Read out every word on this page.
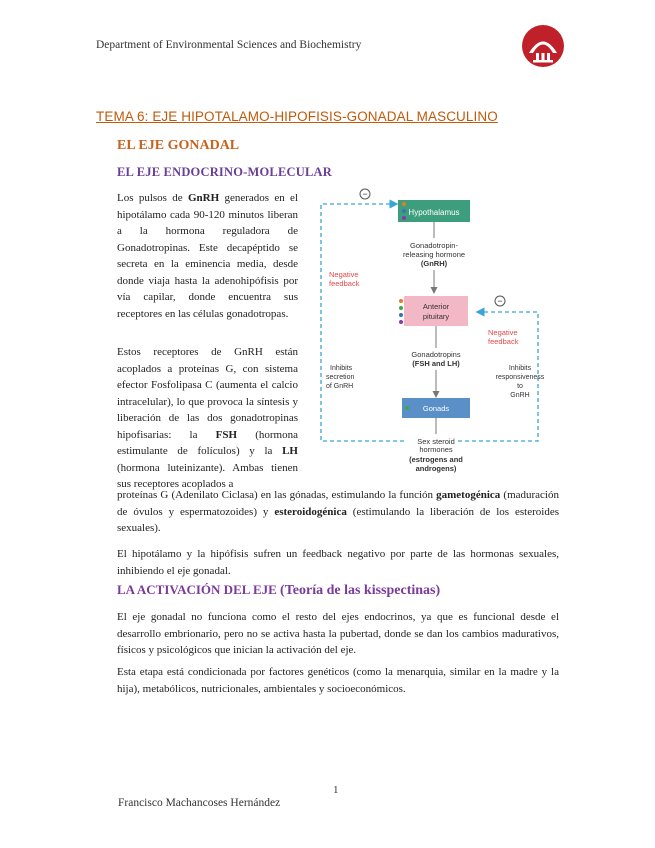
Department of Environmental Sciences and Biochemistry
TEMA 6: EJE HIPOTALAMO-HIPOFISIS-GONADAL MASCULINO
EL EJE GONADAL
EL EJE ENDOCRINO-MOLECULAR

Los pulsos de GnRH generados en el hipotálamo cada 90-120 minutos liberan a la hormona reguladora de Gonadotropinas. Este decapéptido se secreta en la eminencia media, desde donde viaja hasta la adenohipófisis por vía capilar, donde encuentra sus receptores en las células gonadotropas.

Estos receptores de GnRH están acoplados a proteínas G, con sistema efector Fosfolipasa C (aumenta el calcio intracelular), lo que provoca la síntesis y liberación de las dos gonadotropinas hipofisarias: la FSH (hormona estimulante de folículos) y la LH (hormona luteinizante). Ambas tienen sus receptores acoplados a

proteínas G (Adenilato Ciclasa) en las gónadas, estimulando la función gametogénica (maduración de óvulos y espermatozoides) y esteroidogénica (estimulando la liberación de los esteroides sexuales).

El hipotálamo y la hipófisis sufren un feedback negativo por parte de las hormonas sexuales, inhibiendo el eje gonadal.

LA ACTIVACIÓN DEL EJE (Teoría de las kisspectinas)

El eje gonadal no funciona como el resto del ejes endocrinos, ya que es funcional desde el desarrollo embrionario, pero no se activa hasta la pubertad, donde se dan los cambios madurativos, físicos y psicológicos que inician la activación del eje.

Esta etapa está condicionada por factores genéticos (como la menarquia, similar en la madre y la hija), metabólicos, nutricionales, ambientales y socioeconómicos.

−
−
Hypothalamus
Gonadotropin-
releasing hormone
(GnRH)
Anterior
pituitary
Gonadotropins
(FSH and LH)
Gonads
Sex steroid
hormones
Negative
feedback
Negative
feedback
Inhibits
secretion
of GnRH
Inhibits
responsiveness
to
GnRH
(estrogens and
androgens)
1
Francisco Machancoses Hernández
